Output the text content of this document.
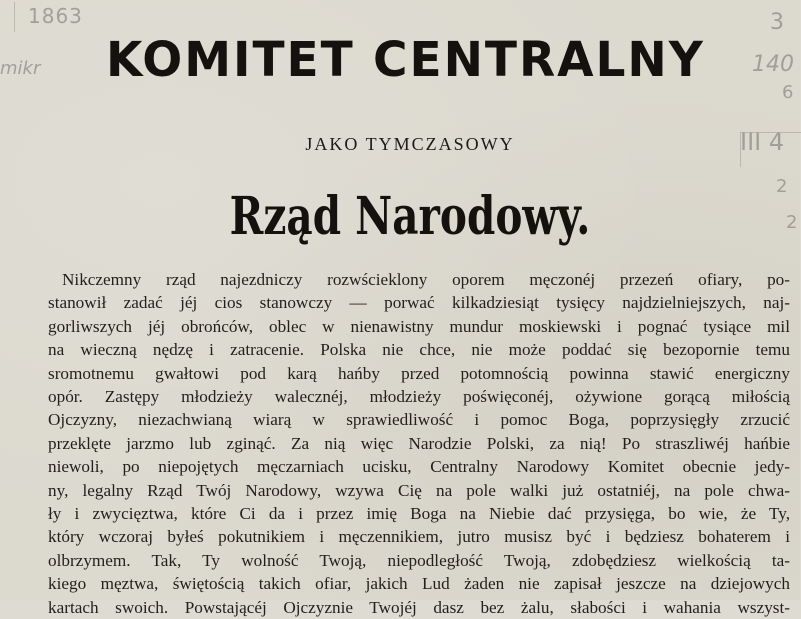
1863
mikr
3
140
6
III 4
2
2
KOMITET CENTRALNY
JAKO TYMCZASOWY
Rząd Narodowy.
Nikczemny rząd najezdniczy rozwścieklony oporem męczonéj przezeń ofiary, po-
stanowił zadać jéj cios stanowczy — porwać kilkadziesiąt tysięcy najdzielniejszych, naj-
gorliwszych jéj obrońców, oblec w nienawistny mundur moskiewski i pognać tysiące mil
na wieczną nędzę i zatracenie. Polska nie chce, nie może poddać się bezopornie temu
sromotnemu gwałtowi pod karą hańby przed potomnością powinna stawić energiczny
opór. Zastępy młodzieży walecznéj, młodzieży poświęconéj, ożywione gorącą miłością
Ojczyzny, niezachwianą wiarą w sprawiedliwość i pomoc Boga, poprzysięgły zrzucić
przeklęte jarzmo lub zginąć. Za nią więc Narodzie Polski, za nią! Po straszliwéj hańbie
niewoli, po niepojętych męczarniach ucisku, Centralny Narodowy Komitet obecnie jedy-
ny, legalny Rząd Twój Narodowy, wzywa Cię na pole walki już ostatniéj, na pole chwa-
ły i zwycięztwa, które Ci da i przez imię Boga na Niebie dać przysięga, bo wie, że Ty,
który wczoraj byłeś pokutnikiem i męczennikiem, jutro musisz być i będziesz bohaterem i
olbrzymem. Tak, Ty wolność Twoją, niepodległość Twoją, zdobędziesz wielkością ta-
kiego męztwa, świętością takich ofiar, jakich Lud żaden nie zapisał jeszcze na dziejowych
kartach swoich. Powstającéj Ojczyznie Twojéj dasz bez żalu, słabości i wahania wszyst-
